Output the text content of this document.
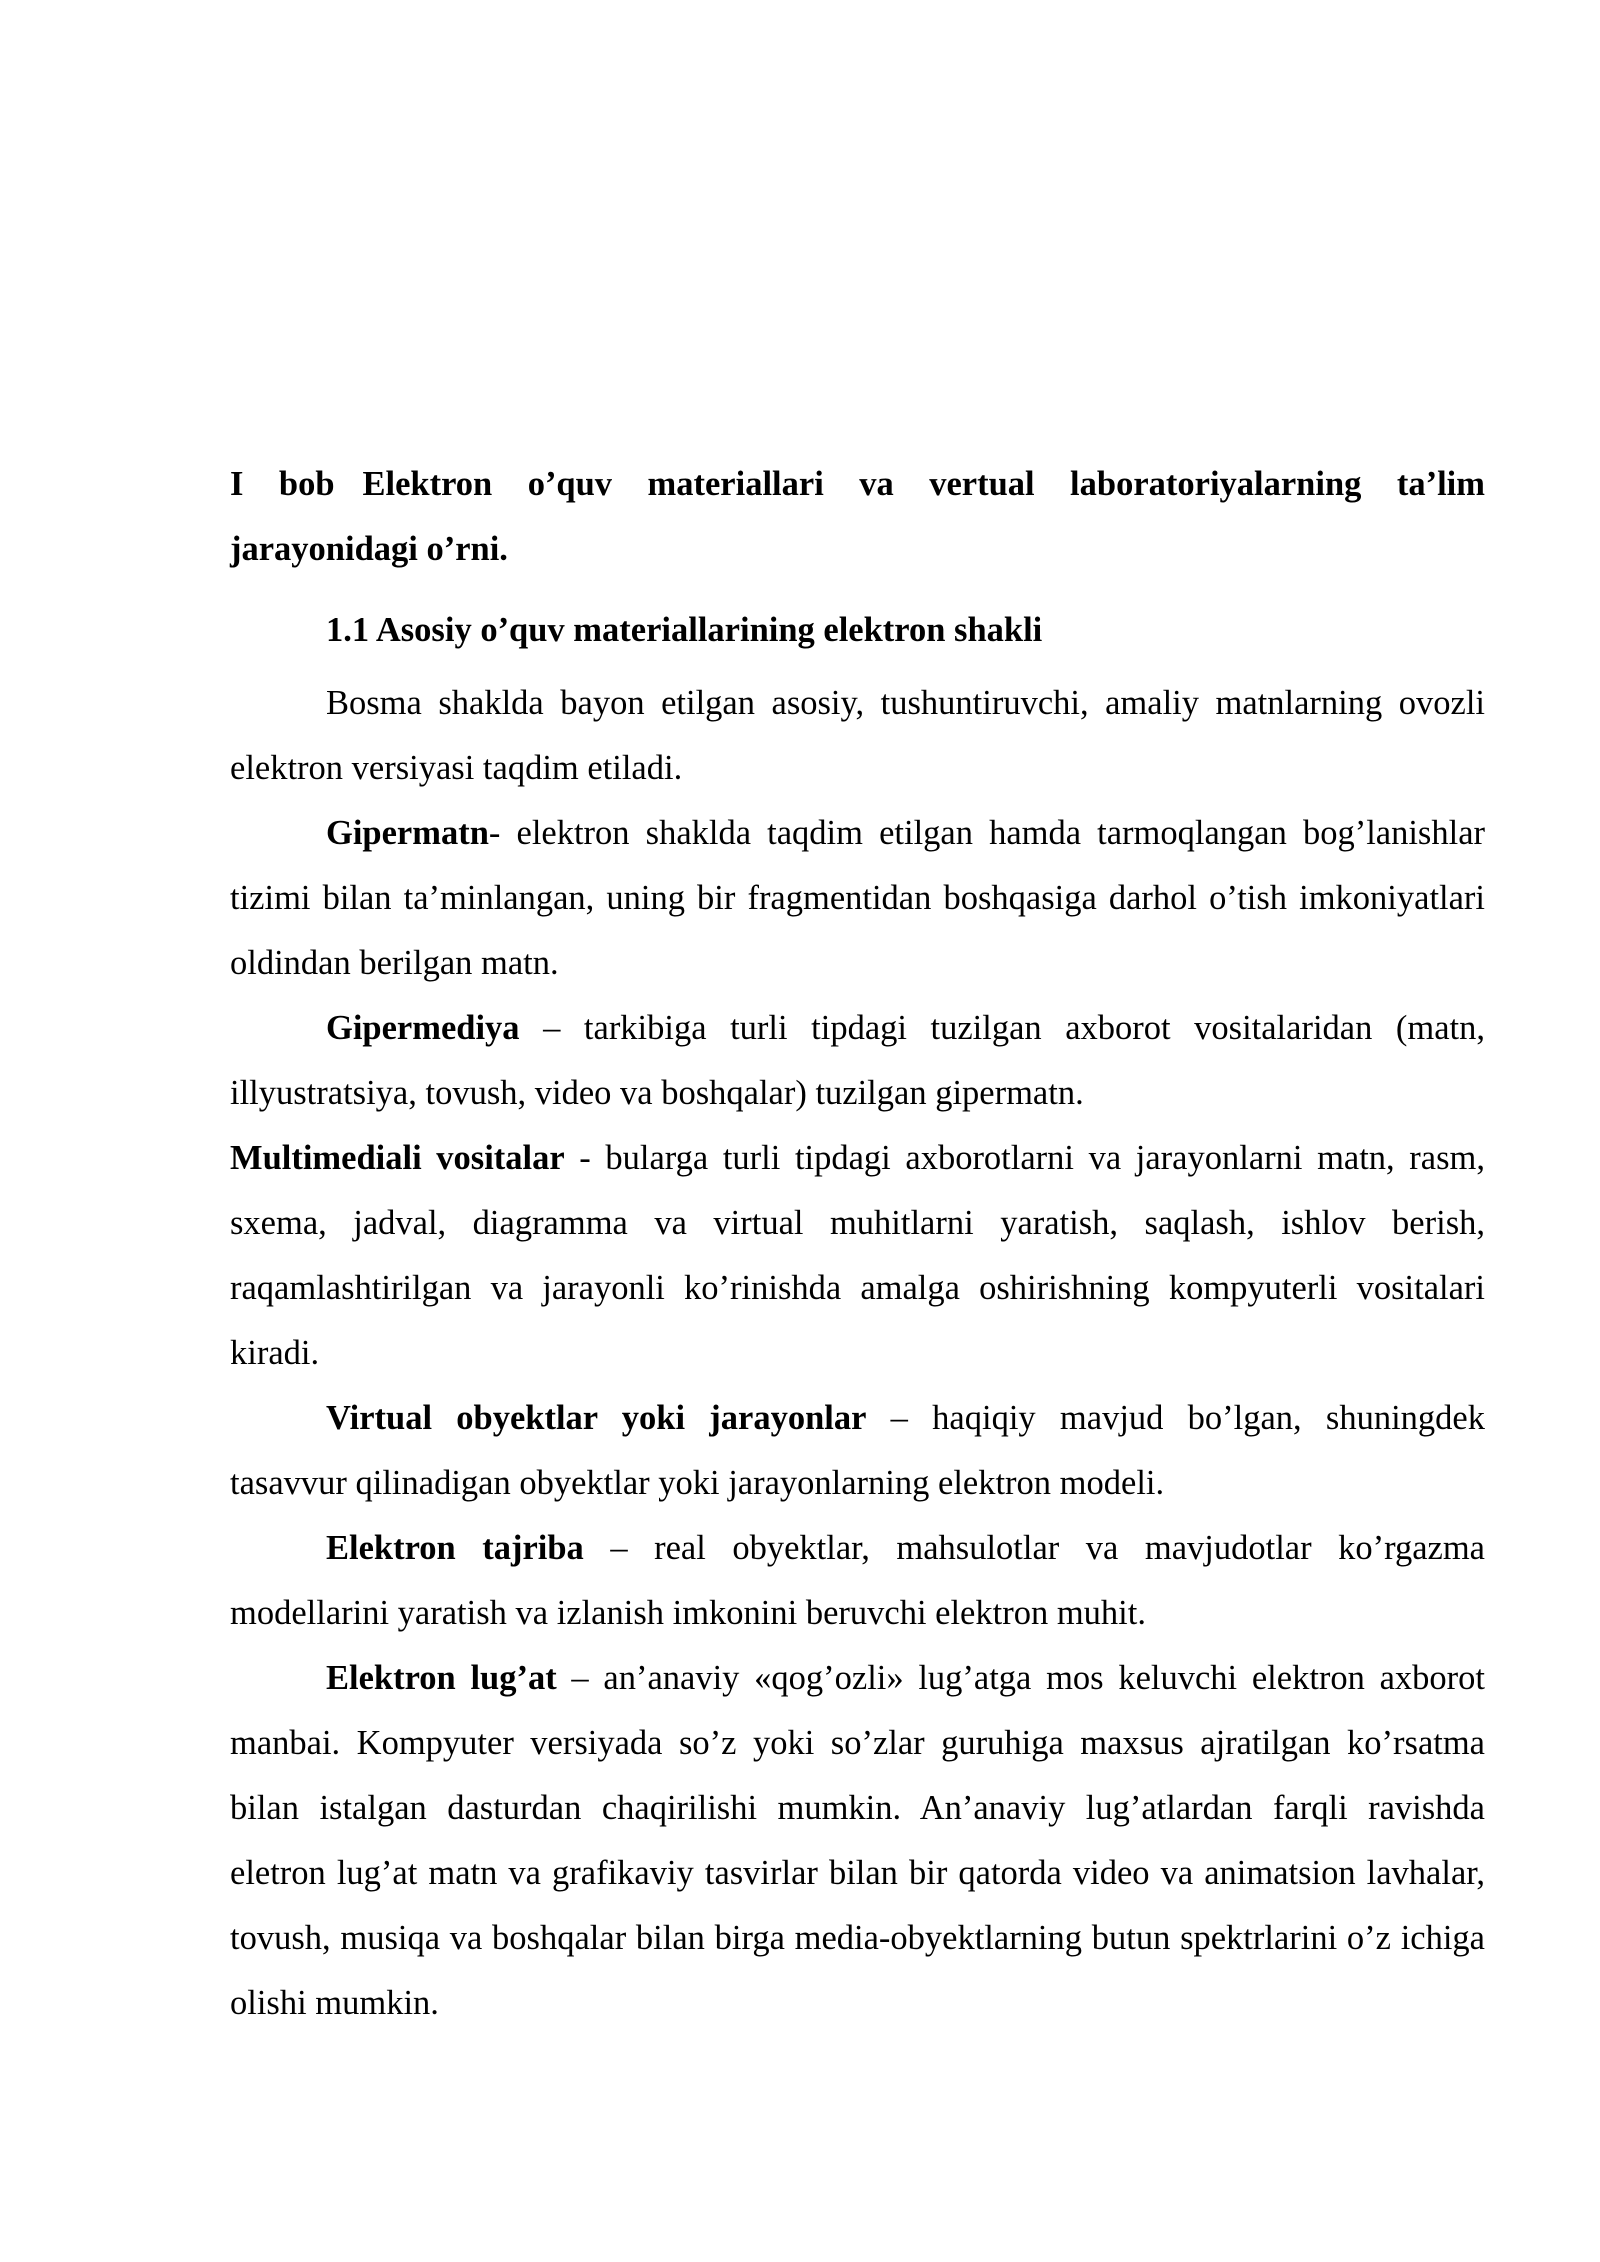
I bob Elektron o’quv materiallari va vertual laboratoriyalarning ta’lim jarayonidagi o’rni.

1.1 Asosiy o’quv materiallarining elektron shakli

Bosma shaklda bayon etilgan asosiy, tushuntiruvchi, amaliy matnlarning ovozli elektron versiyasi taqdim etiladi.

Gipermatn- elektron shaklda taqdim etilgan hamda tarmoqlangan bog’lanishlar tizimi bilan ta’minlangan, uning bir fragmentidan boshqasiga darhol o’tish imkoniyatlari oldindan berilgan matn.

Gipermediya – tarkibiga turli tipdagi tuzilgan axborot vositalaridan (matn, illyustratsiya, tovush, video va boshqalar) tuzilgan gipermatn.

Multimediali vositalar - bularga turli tipdagi axborotlarni va jarayonlarni matn, rasm, sxema, jadval, diagramma va virtual muhitlarni yaratish, saqlash, ishlov berish, raqamlashtirilgan va jarayonli ko’rinishda amalga oshirishning kompyuterli vositalari kiradi.

Virtual obyektlar yoki jarayonlar – haqiqiy mavjud bo’lgan, shuningdek tasavvur qilinadigan obyektlar yoki jarayonlarning elektron modeli.

Elektron tajriba – real obyektlar, mahsulotlar va mavjudotlar ko’rgazma modellarini yaratish va izlanish imkonini beruvchi elektron muhit.

Elektron lug’at – an’anaviy «qog’ozli» lug’atga mos keluvchi elektron axborot manbai. Kompyuter versiyada so’z yoki so’zlar guruhiga maxsus ajratilgan ko’rsatma bilan istalgan dasturdan chaqirilishi mumkin. An’anaviy lug’atlardan farqli ravishda eletron lug’at matn va grafikaviy tasvirlar bilan bir qatorda video va animatsion lavhalar, tovush, musiqa va boshqalar bilan birga media-obyektlarning butun spektrlarini o’z ichiga olishi mumkin.
